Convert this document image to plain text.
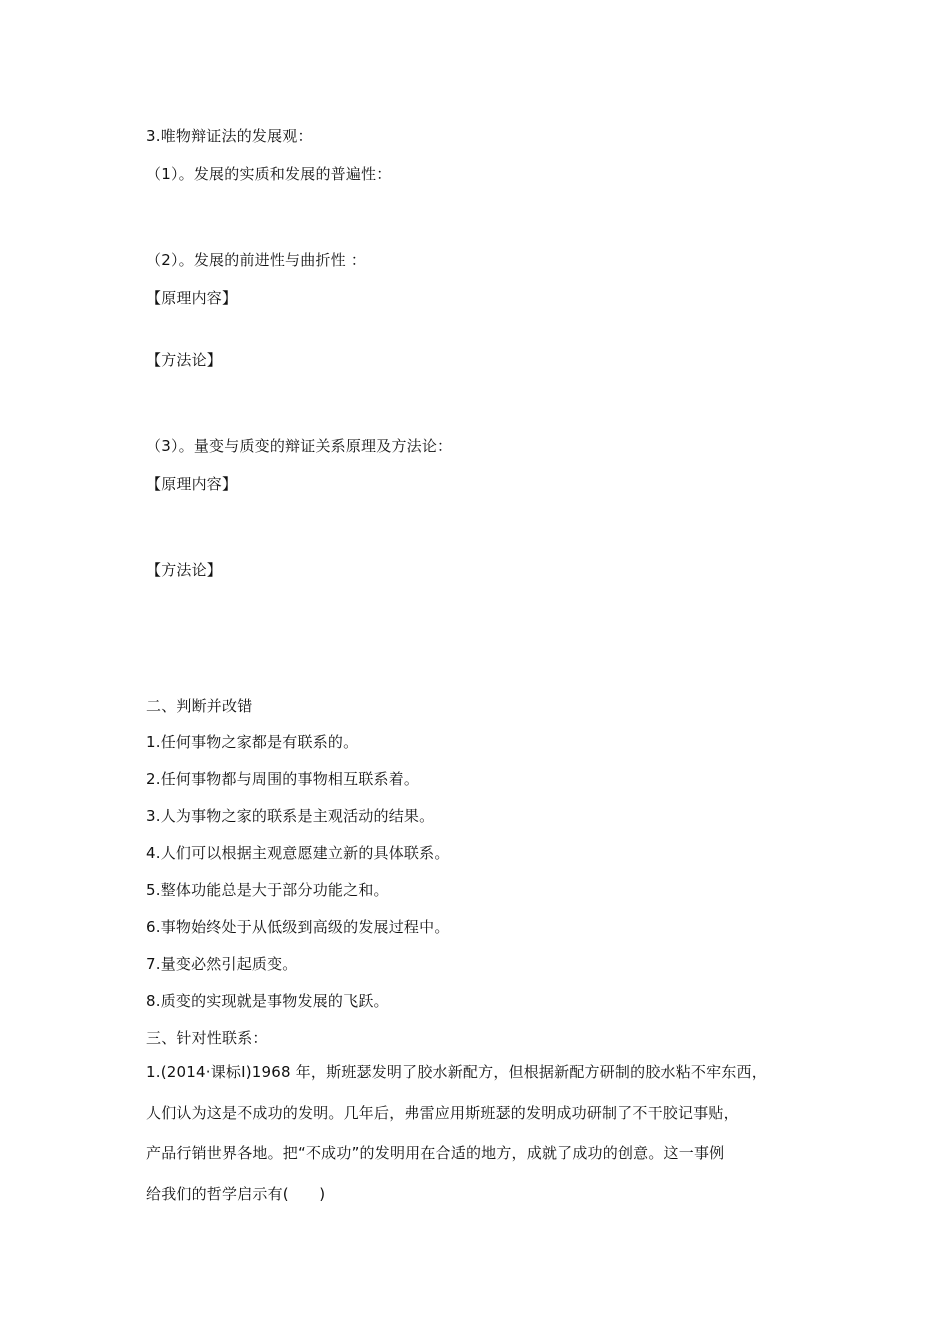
3.唯物辩证法的发展观：
（1）。发展的实质和发展的普遍性：
（2）。发展的前进性与曲折性 ：
【原理内容】
【方法论】
（3）。量变与质变的辩证关系原理及方法论：
【原理内容】
【方法论】
二、判断并改错
1.任何事物之家都是有联系的。
2.任何事物都与周围的事物相互联系着。
3.人为事物之家的联系是主观活动的结果。
4.人们可以根据主观意愿建立新的具体联系。
5.整体功能总是大于部分功能之和。
6.事物始终处于从低级到高级的发展过程中。
7.量变必然引起质变。
8.质变的实现就是事物发展的飞跃。
三、针对性联系：
1.(2014·课标Ⅰ)1968 年，斯班瑟发明了胶水新配方，但根据新配方研制的胶水粘不牢东西，
人们认为这是不成功的发明。几年后，弗雷应用斯班瑟的发明成功研制了不干胶记事贴，
产品行销世界各地。把“不成功”的发明用在合适的地方，成就了成功的创意。这一事例
给我们的哲学启示有(　　)
